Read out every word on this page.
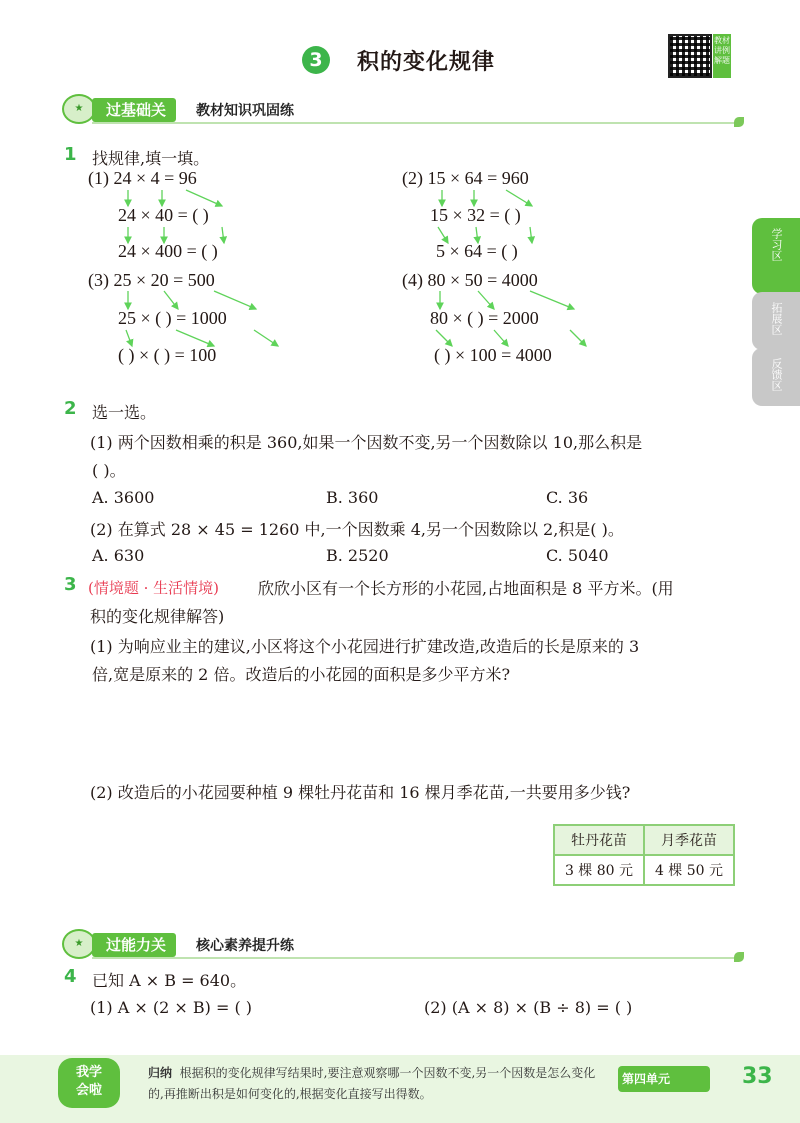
3	积的变化规律
教材讲例解题
★	过基础关	教材知识巩固练
学习区
拓展区
反馈区
1 找规律,填一填。
(1) 24 × 4 = 96
24 × 40 = ( )
24 × 400 = ( )
(2) 15 × 64 = 960
15 × 32 = ( )
5 × 64 = ( )
(3) 25 × 20 = 500
25 × ( ) = 1000
( ) × ( ) = 100
(4) 80 × 50 = 4000
80 × ( ) = 2000
( ) × 100 = 4000
2 选一选。
(1) 两个因数相乘的积是 360,如果一个因数不变,另一个因数除以 10,那么积是
( )。
A. 3600	B. 360	C. 36
(2) 在算式 28 × 45 = 1260 中,一个因数乘 4,另一个因数除以 2,积是( )。
A. 630	B. 2520	C. 5040
3 (情境题 · 生活情境) 欣欣小区有一个长方形的小花园,占地面积是 8 平方米。(用
积的变化规律解答)
(1) 为响应业主的建议,小区将这个小花园进行扩建改造,改造后的长是原来的 3
倍,宽是原来的 2 倍。改造后的小花园的面积是多少平方米?
(2) 改造后的小花园要种植 9 棵牡丹花苗和 16 棵月季花苗,一共要用多少钱?
牡丹花苗	月季花苗
3 棵 80 元	4 棵 50 元
★	过能力关	核心素养提升练
4 已知 A × B = 640。
(1) A × (2 × B) = ( )	(2) (A × 8) × (B ÷ 8) = ( )
我学
会啦
归纳 根据积的变化规律写结果时,要注意观察哪一个因数不变,另一个因数是怎么变化的,再推断出积是如何变化的,根据变化直接写出得数。
第四单元	33
